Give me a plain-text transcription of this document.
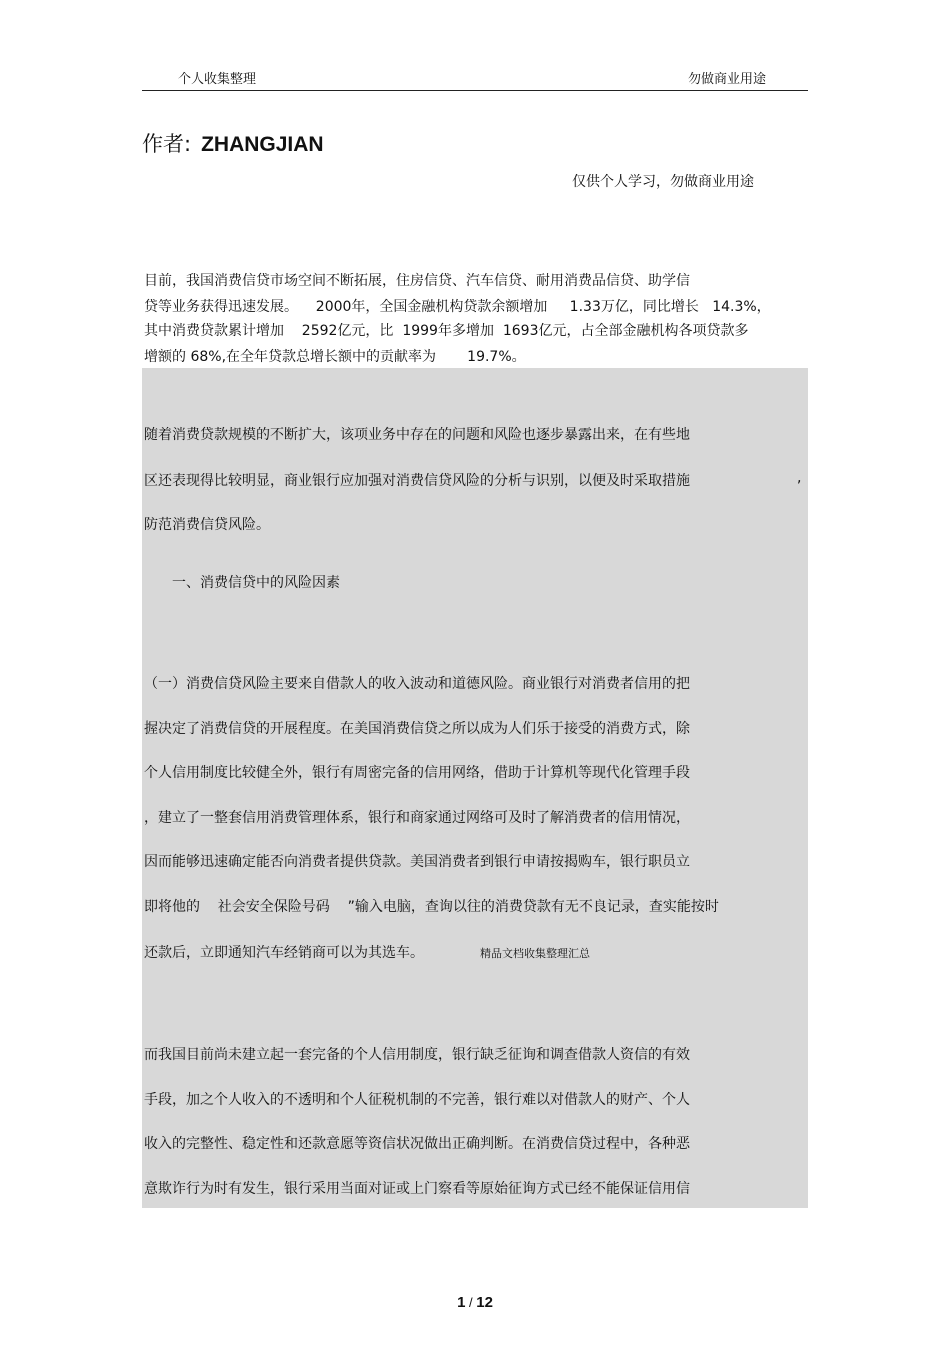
个人收集整理	勿做商业用途
作者: ZHANGJIAN
仅供个人学习，勿做商业用途
目前，我国消费信贷市场空间不断拓展，住房信贷、汽车信贷、耐用消费品信贷、助学信
贷等业务获得迅速发展。    2000年，全国金融机构贷款余额增加     1.33万亿，同比增长   14.3%，
其中消费贷款累计增加    2592亿元，比  1999年多增加  1693亿元，占全部金融机构各项贷款多
增额的 68%,在全年贷款总增长额中的贡献率为       19.7%。
随着消费贷款规模的不断扩大，该项业务中存在的问题和风险也逐步暴露出来，在有些地
区还表现得比较明显，商业银行应加强对消费信贷风险的分析与识别，以便及时采取措施	,
防范消费信贷风险。
一、消费信贷中的风险因素
（一）消费信贷风险主要来自借款人的收入波动和道德风险。商业银行对消费者信用的把
握决定了消费信贷的开展程度。在美国消费信贷之所以成为人们乐于接受的消费方式，除
个人信用制度比较健全外，银行有周密完备的信用网络，借助于计算机等现代化管理手段
，建立了一整套信用消费管理体系，银行和商家通过网络可及时了解消费者的信用情况，
因而能够迅速确定能否向消费者提供贷款。美国消费者到银行申请按揭购车，银行职员立
即将他的    社会安全保险号码    ”输入电脑，查询以往的消费贷款有无不良记录，查实能按时
还款后，立即通知汽车经销商可以为其选车。	精品文档收集整理汇总
而我国目前尚未建立起一套完备的个人信用制度，银行缺乏征询和调查借款人资信的有效
手段，加之个人收入的不透明和个人征税机制的不完善，银行难以对借款人的财产、个人
收入的完整性、稳定性和还款意愿等资信状况做出正确判断。在消费信贷过程中，各种恶
意欺诈行为时有发生，银行采用当面对证或上门察看等原始征询方式已经不能保证信用信
1 / 12
